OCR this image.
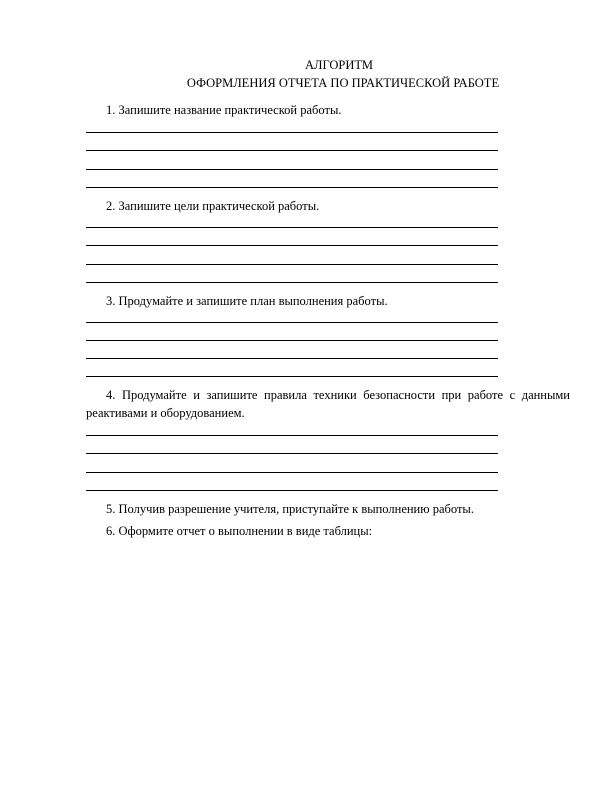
АЛГОРИТМ
ОФОРМЛЕНИЯ ОТЧЕТА ПО ПРАКТИЧЕСКОЙ РАБОТЕ
1. Запишите название практической работы.
2. Запишите цели практической работы.
3. Продумайте и запишите план выполнения работы.
4. Продумайте и запишите правила техники безопасности при работе с данными реактивами и оборудованием.
5. Получив разрешение учителя, приступайте к выполнению работы.
6. Оформите отчет о выполнении в виде таблицы:
